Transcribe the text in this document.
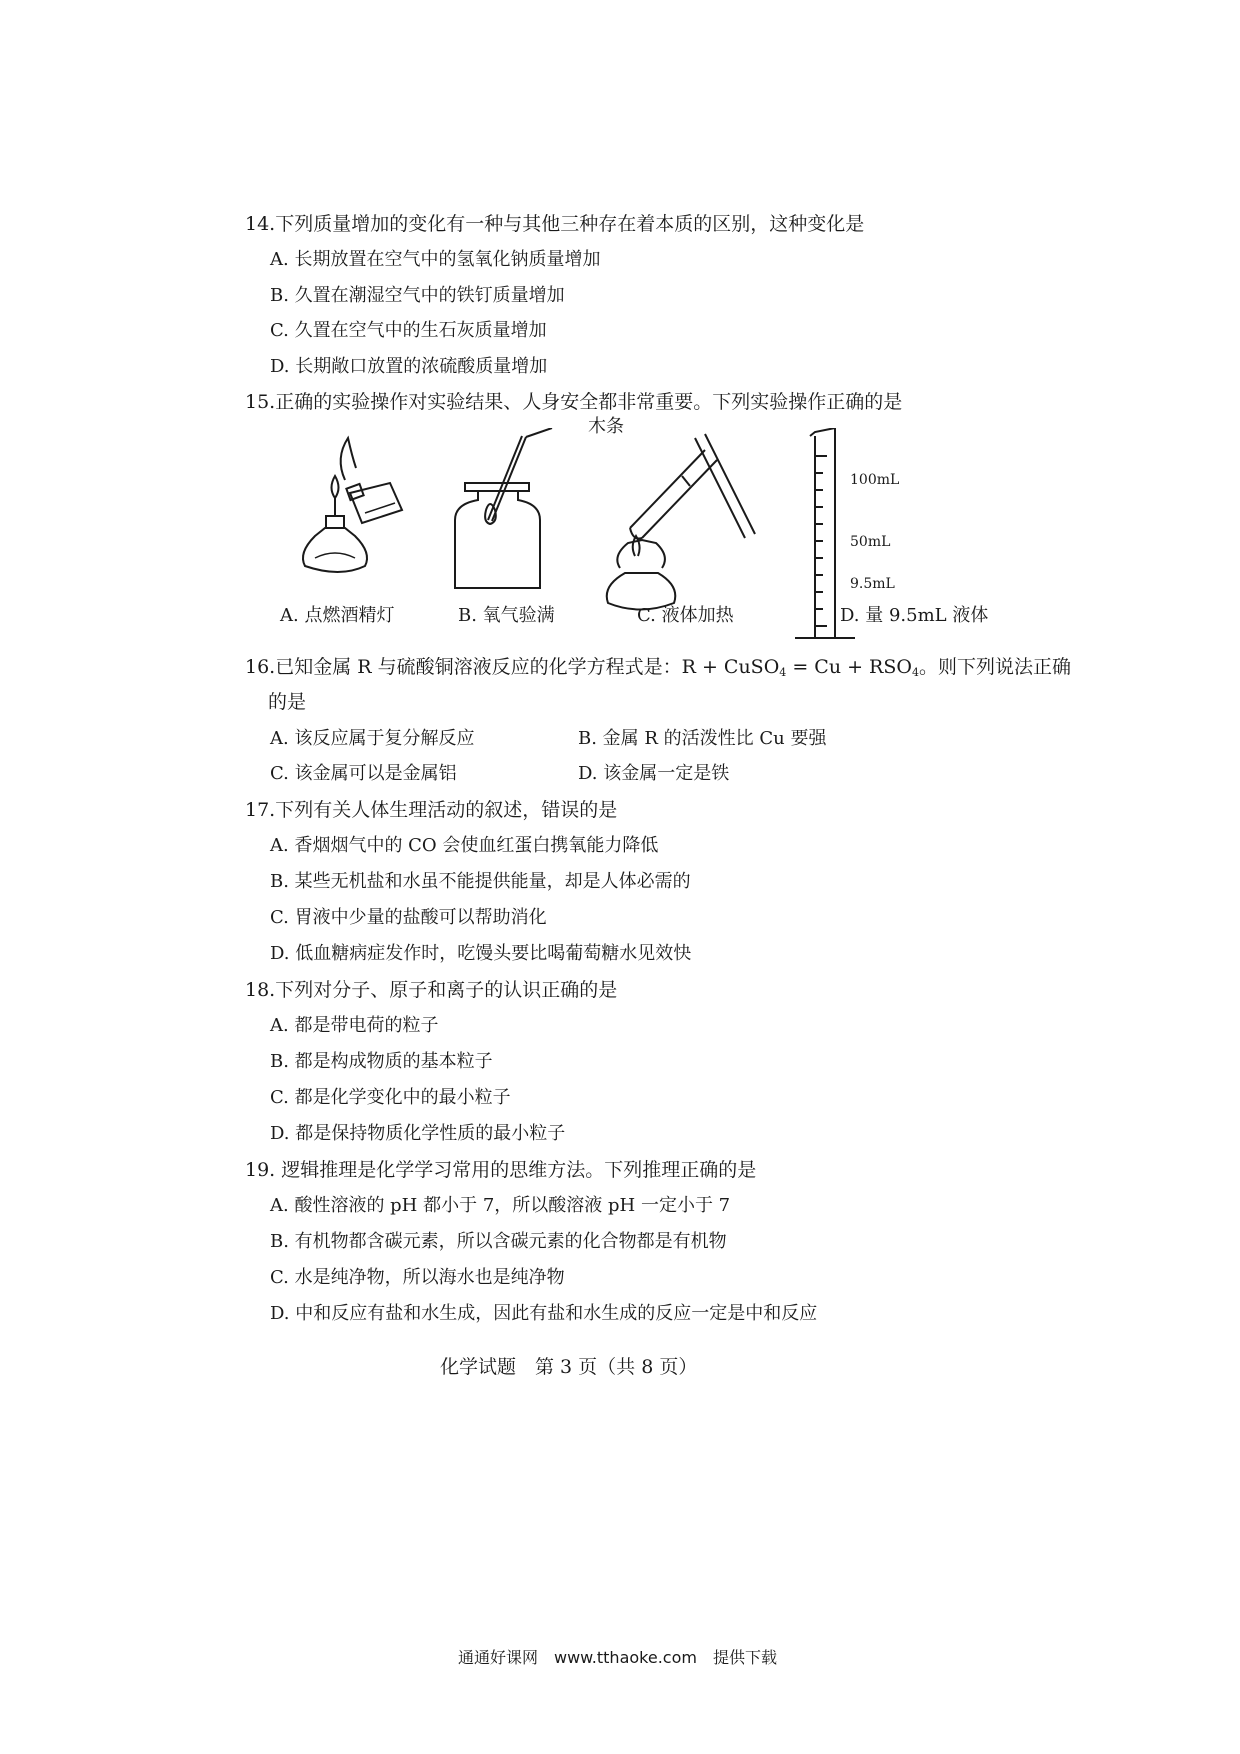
14.下列质量增加的变化有一种与其他三种存在着本质的区别，这种变化是
A. 长期放置在空气中的氢氧化钠质量增加
B. 久置在潮湿空气中的铁钉质量增加
C. 久置在空气中的生石灰质量增加
D. 长期敞口放置的浓硫酸质量增加
15.正确的实验操作对实验结果、人身安全都非常重要。下列实验操作正确的是
木条
100mL
50mL
9.5mL
A. 点燃酒精灯	B. 氧气验满	C. 液体加热	D. 量 9.5mL 液体
16.已知金属 R 与硫酸铜溶液反应的化学方程式是：R + CuSO$_4$ = $Cu + RSO_4$。则下列说法正确
的是
A. 该反应属于复分解反应	B. 金属 R 的活泼性比 Cu 要强
C. 该金属可以是金属铝	D. 该金属一定是铁
17.下列有关人体生理活动的叙述，错误的是
A. 香烟烟气中的 CO 会使血红蛋白携氧能力降低
B. 某些无机盐和水虽不能提供能量，却是人体必需的
C. 胃液中少量的盐酸可以帮助消化
D. 低血糖病症发作时，吃馒头要比喝葡萄糖水见效快
18.下列对分子、原子和离子的认识正确的是
A. 都是带电荷的粒子
B. 都是构成物质的基本粒子
C. 都是化学变化中的最小粒子
D. 都是保持物质化学性质的最小粒子
19. 逻辑推理是化学学习常用的思维方法。下列推理正确的是
A. 酸性溶液的 pH 都小于 7，所以酸溶液 pH 一定小于 7
B. 有机物都含碳元素，所以含碳元素的化合物都是有机物
C. 水是纯净物，所以海水也是纯净物
D. 中和反应有盐和水生成，因此有盐和水生成的反应一定是中和反应
化学试题　第 3 页（共 8 页）
通通好课网　www.tthaoke.com　提供下载
